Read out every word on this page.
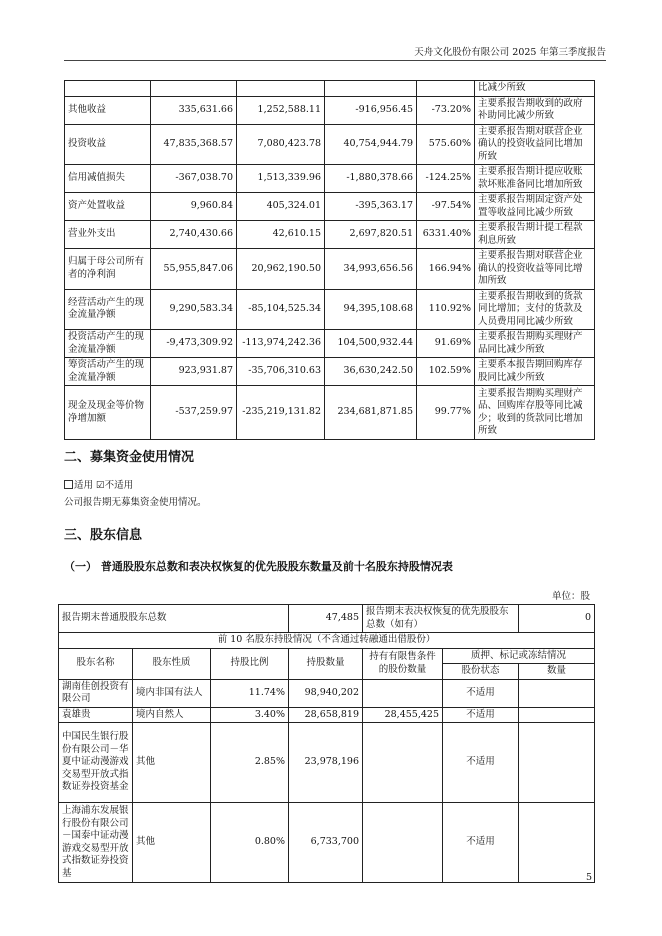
天舟文化股份有限公司 2025 年第三季度报告
					比减少所致
其他收益	335,631.66	1,252,588.11	-916,956.45	-73.20%	主要系报告期收到的政府补助同比减少所致
投资收益	47,835,368.57	7,080,423.78	40,754,944.79	575.60%	主要系报告期对联营企业确认的投资收益同比增加所致
信用减值损失	-367,038.70	1,513,339.96	-1,880,378.66	-124.25%	主要系报告期计提应收账款坏账准备同比增加所致
资产处置收益	9,960.84	405,324.01	-395,363.17	-97.54%	主要系报告期固定资产处置等收益同比减少所致
营业外支出	2,740,430.66	42,610.15	2,697,820.51	6331.40%	主要系报告期计提工程款利息所致
归属于母公司所有者的净利润	55,955,847.06	20,962,190.50	34,993,656.56	166.94%	主要系报告期对联营企业确认的投资收益等同比增加所致
经营活动产生的现金流量净额	9,290,583.34	-85,104,525.34	94,395,108.68	110.92%	主要系报告期收到的货款同比增加；支付的货款及人员费用同比减少所致
投资活动产生的现金流量净额	-9,473,309.92	-113,974,242.36	104,500,932.44	91.69%	主要系报告期购买理财产品同比减少所致
筹资活动产生的现金流量净额	923,931.87	-35,706,310.63	36,630,242.50	102.59%	主要系本报告期回购库存股同比减少所致
现金及现金等价物净增加额	-537,259.97	-235,219,131.82	234,681,871.85	99.77%	主要系报告期购买理财产品、回购库存股等同比减少；收到的货款同比增加所致
二、募集资金使用情况
适用 ☑不适用
公司报告期无募集资金使用情况。
三、股东信息
（一） 普通股股东总数和表决权恢复的优先股股东数量及前十名股东持股情况表
单位：股
报告期末普通股股东总数			47,485	报告期末表决权恢复的优先股股东总数（如有）		0
前 10 名股东持股情况（不含通过转融通出借股份）						
股东名称	股东性质	持股比例	持股数量	持有有限售条件的股份数量	质押、标记或冻结情况	
					股份状态	数量
湖南佳创投资有限公司	境内非国有法人	11.74%	98,940,202		不适用	
袁雄贵	境内自然人	3.40%	28,658,819	28,455,425	不适用	
中国民生银行股份有限公司－华夏中证动漫游戏交易型开放式指数证券投资基金	其他	2.85%	23,978,196		不适用	
上海浦东发展银行股份有限公司－国泰中证动漫游戏交易型开放式指数证券投资基	其他	0.80%	6,733,700		不适用	
5
